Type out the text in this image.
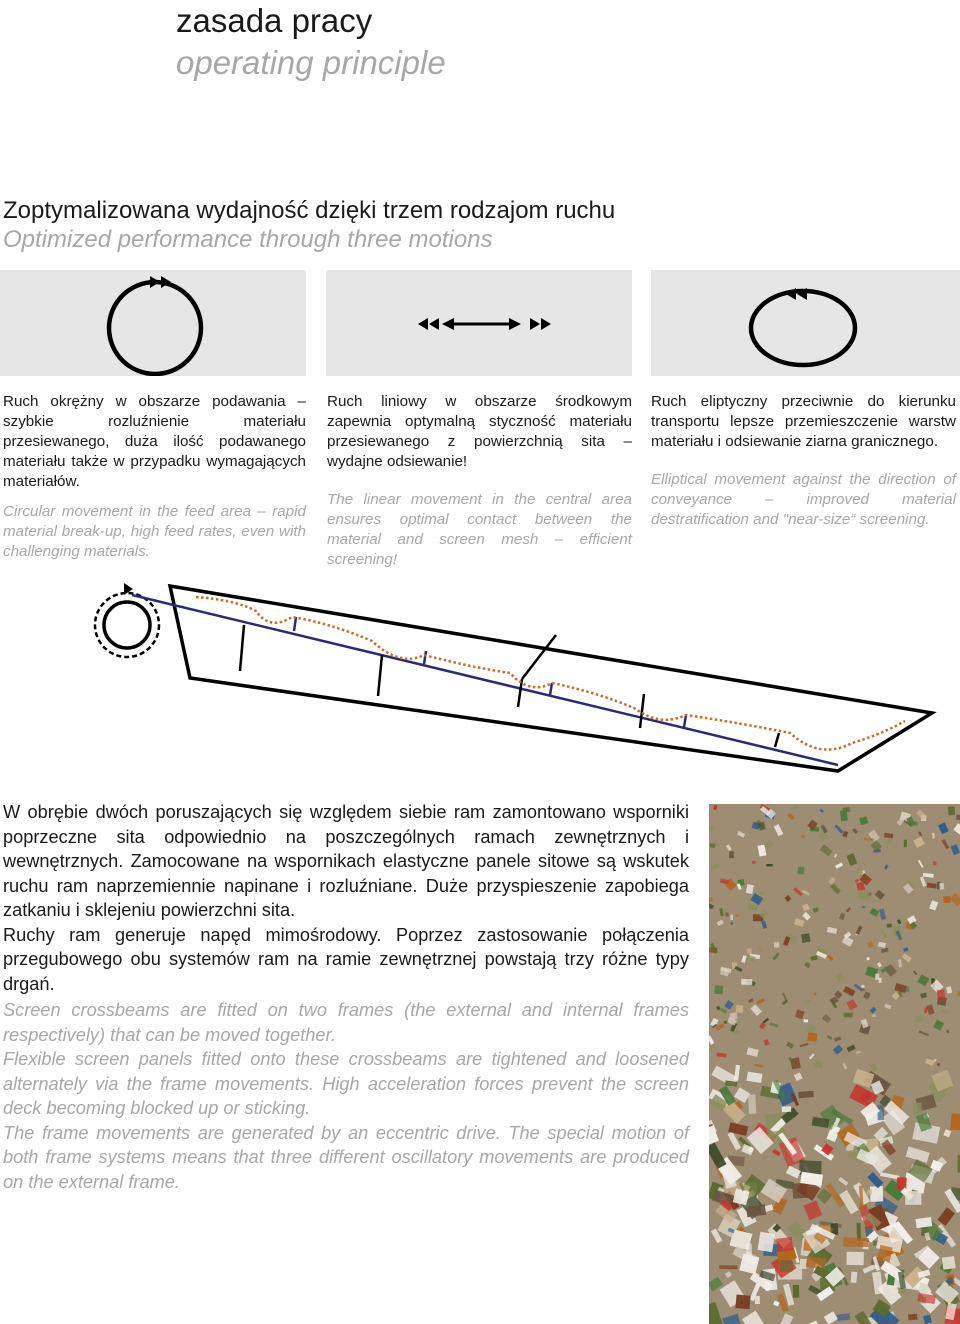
zasada pracy
operating principle
Zoptymalizowana wydajność dzięki trzem rodzajom ruchu
Optimized performance through three motions

Ruch okrężny w obszarze podawania – szybkie rozluźnienie materiału przesiewanego, duża ilość podawanego materiału także w przypadku wymagających materiałów.

Circular movement in the feed area – rapid material break-up, high feed rates, even with challenging materials.

Ruch liniowy w obszarze środkowym zapewnia optymalną styczność materiału przesiewanego z powierzchnią sita – wydajne odsiewanie!

The linear movement in the central area ensures optimal contact between the material and screen mesh – efficient screening!

Ruch eliptyczny przeciwnie do kierunku transportu lepsze przemieszczenie warstw materiału i odsiewanie ziarna granicznego.

Elliptical movement against the direction of conveyance – improved material destratification and "near-size“ screening.

W obrębie dwóch poruszających się względem siebie ram zamontowano wsporniki poprzeczne sita odpowiednio na poszczególnych ramach zewnętrznych i wewnętrznych. Zamocowane na wspornikach elastyczne panele sitowe są wskutek ruchu ram naprzemiennie napinane i rozluźniane. Duże przyspieszenie zapobiega zatkaniu i sklejeniu powierzchni sita.

Ruchy ram generuje napęd mimośrodowy. Poprzez zastosowanie połączenia przegubowego obu systemów ram na ramie zewnętrznej powstają trzy różne typy drgań.

Screen crossbeams are fitted on two frames (the external and internal frames respectively) that can be moved together.

Flexible screen panels fitted onto these crossbeams are tightened and loosened alternately via the frame movements. High acceleration forces prevent the screen deck becoming blocked up or sticking.

The frame movements are generated by an eccentric drive. The special motion of both frame systems means that three different oscillatory movements are produced on the external frame.
